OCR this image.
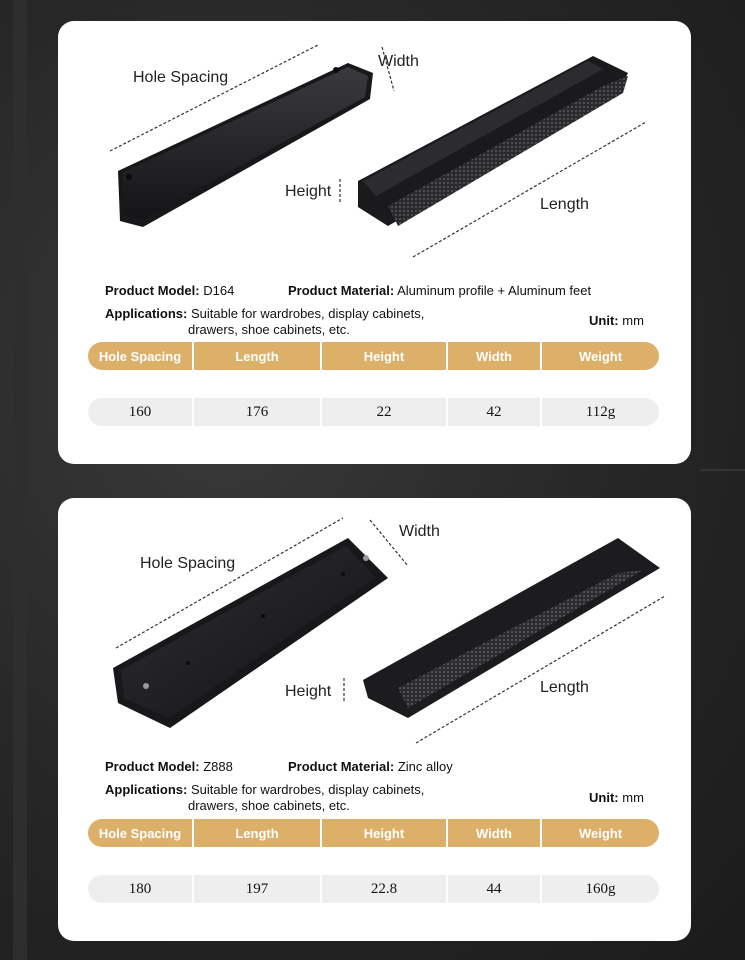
Hole Spacing
Width
Height
Length
Product Model: D164	Product Material: Aluminum profile + Aluminum feet
Applications: Suitable for wardrobes, display cabinets,
drawers, shoe cabinets, etc.
Unit: mm
Hole Spacing	Length	Height	Width	Weight

160	176	22	42	112g
Hole Spacing
Width
Height	Length
Product Model: Z888	Product Material: Zinc alloy
Applications: Suitable for wardrobes, display cabinets,
drawers, shoe cabinets, etc.
Unit: mm
Hole Spacing	Length	Height	Width	Weight

180	197	22.8	44	160g
